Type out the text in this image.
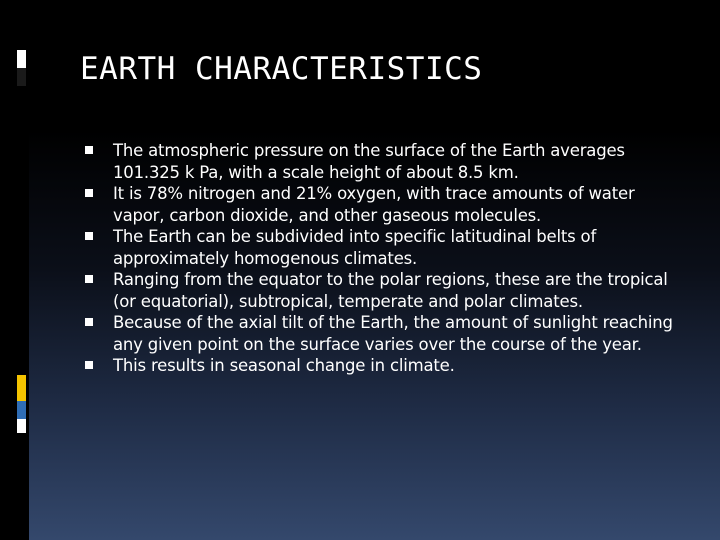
EARTH CHARACTERISTICS
The atmospheric pressure on the surface of the Earth averages 101.325 k Pa, with a scale height of about 8.5 km.
It is 78% nitrogen and 21% oxygen, with trace amounts of water vapor, carbon dioxide, and other gaseous molecules.
The Earth can be subdivided into specific latitudinal belts of approximately homogenous climates.
Ranging from the equator to the polar regions, these are the tropical (or equatorial), subtropical, temperate and polar climates.
Because of the axial tilt of the Earth, the amount of sunlight reaching any given point on the surface varies over the course of the year.
This results in seasonal change in climate.
